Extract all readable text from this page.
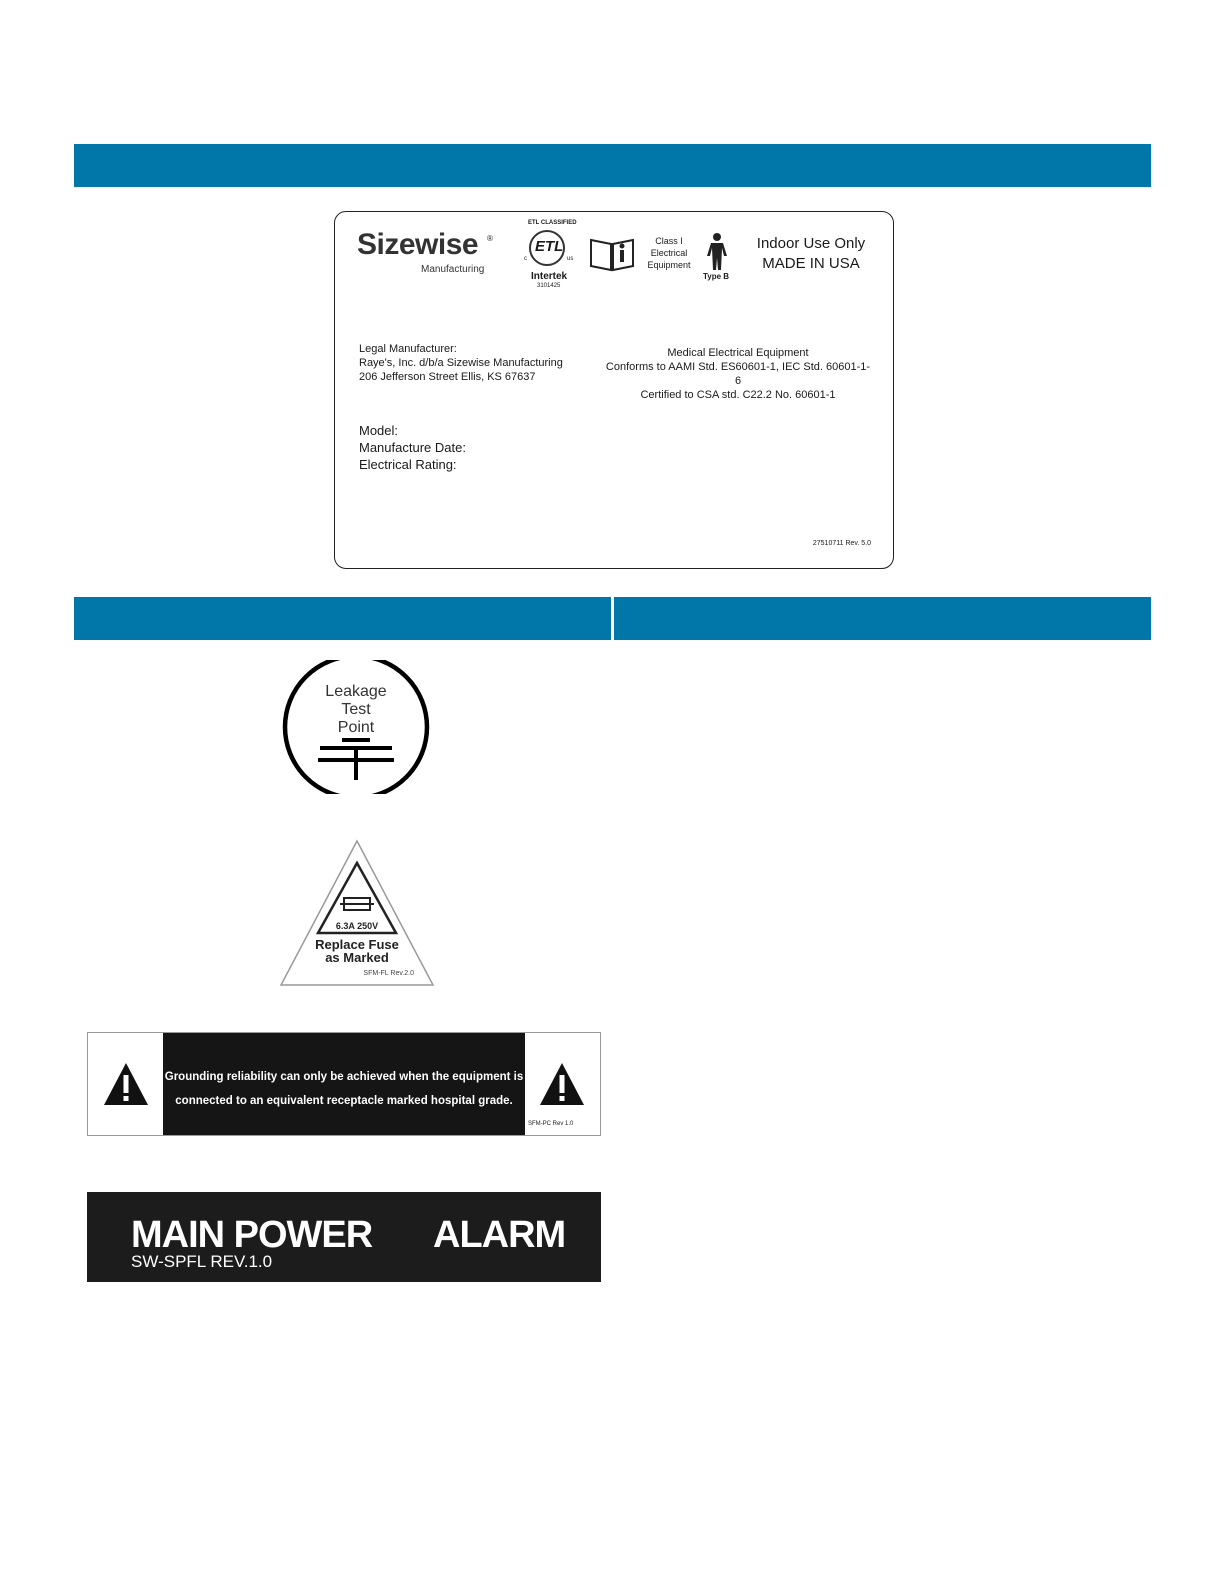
Sizewise ®
Manufacturing
ETL CLASSIFIED
ETL
c	us
Intertek
3101425
Class I
Electrical
Equipment
Type B
Indoor Use Only
MADE IN USA
Legal Manufacturer:
Raye's, Inc. d/b/a Sizewise Manufacturing
206 Jefferson Street Ellis, KS 67637
Medical Electrical Equipment
Conforms to AAMI Std. ES60601-1, IEC Std. 60601-1-6
Certified to CSA std. C22.2 No. 60601-1
Model:
Manufacture Date:
Electrical Rating:
27510711 Rev. 5.0
Leakage
Test
Point
6.3A 250V
Replace Fuse
as Marked
SFM-FL Rev.2.0
Grounding reliability can only be achieved when the equipment is
connected to an equivalent receptacle marked hospital grade.
SFM-PC Rev 1.0
MAIN POWER ALARM
SW-SPFL REV.1.0
